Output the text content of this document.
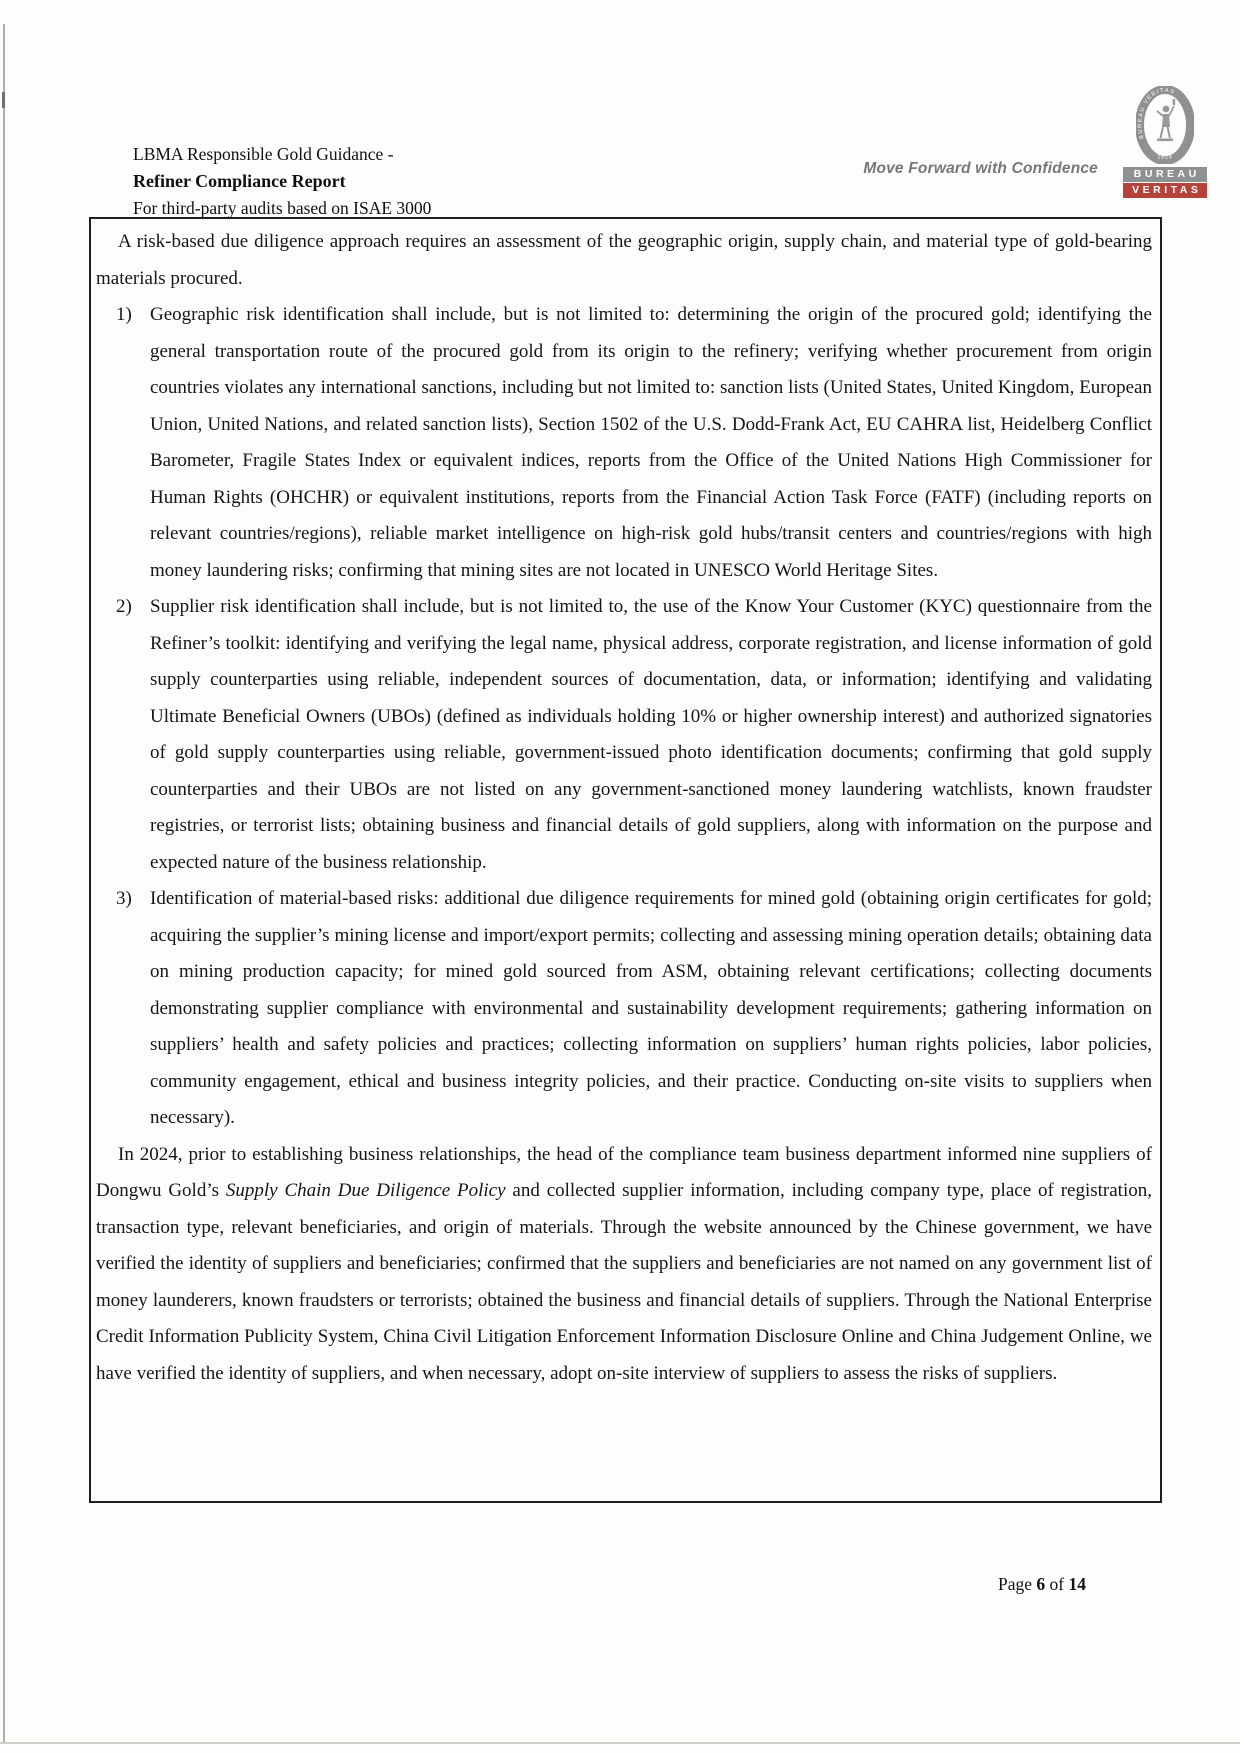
LBMA Responsible Gold Guidance -
Refiner Compliance Report
For third-party audits based on ISAE 3000
Move Forward with Confidence
BUREAU VERITAS
1828
BUREAU
VERITAS

A risk-based due diligence approach requires an assessment of the geographic origin, supply chain, and material type of gold-bearing materials procured.

1) Geographic risk identification shall include, but is not limited to: determining the origin of the procured gold; identifying the general transportation route of the procured gold from its origin to the refinery; verifying whether procurement from origin countries violates any international sanctions, including but not limited to: sanction lists (United States, United Kingdom, European Union, United Nations, and related sanction lists), Section 1502 of the U.S. Dodd-Frank Act, EU CAHRA list, Heidelberg Conflict Barometer, Fragile States Index or equivalent indices, reports from the Office of the United Nations High Commissioner for Human Rights (OHCHR) or equivalent institutions, reports from the Financial Action Task Force (FATF) (including reports on relevant countries/regions), reliable market intelligence on high-risk gold hubs/transit centers and countries/regions with high money laundering risks; confirming that mining sites are not located in UNESCO World Heritage Sites.
2) Supplier risk identification shall include, but is not limited to, the use of the Know Your Customer (KYC) questionnaire from the Refiner’s toolkit: identifying and verifying the legal name, physical address, corporate registration, and license information of gold supply counterparties using reliable, independent sources of documentation, data, or information; identifying and validating Ultimate Beneficial Owners (UBOs) (defined as individuals holding 10% or higher ownership interest) and authorized signatories of gold supply counterparties using reliable, government-issued photo identification documents; confirming that gold supply counterparties and their UBOs are not listed on any government-sanctioned money laundering watchlists, known fraudster registries, or terrorist lists; obtaining business and financial details of gold suppliers, along with information on the purpose and expected nature of the business relationship.
3) Identification of material-based risks: additional due diligence requirements for mined gold (obtaining origin certificates for gold; acquiring the supplier’s mining license and import/export permits; collecting and assessing mining operation details; obtaining data on mining production capacity; for mined gold sourced from ASM, obtaining relevant certifications; collecting documents demonstrating supplier compliance with environmental and sustainability development requirements; gathering information on suppliers’ health and safety policies and practices; collecting information on suppliers’ human rights policies, labor policies, community engagement, ethical and business integrity policies, and their practice. Conducting on-site visits to suppliers when necessary).

In 2024, prior to establishing business relationships, the head of the compliance team business department informed nine suppliers of Dongwu Gold’s Supply Chain Due Diligence Policy and collected supplier information, including company type, place of registration, transaction type, relevant beneficiaries, and origin of materials. Through the website announced by the Chinese government, we have verified the identity of suppliers and beneficiaries; confirmed that the suppliers and beneficiaries are not named on any government list of money launderers, known fraudsters or terrorists; obtained the business and financial details of suppliers. Through the National Enterprise Credit Information Publicity System, China Civil Litigation Enforcement Information Disclosure Online and China Judgement Online, we have verified the identity of suppliers, and when necessary, adopt on-site interview of suppliers to assess the risks of suppliers.

Page 6 of 14
